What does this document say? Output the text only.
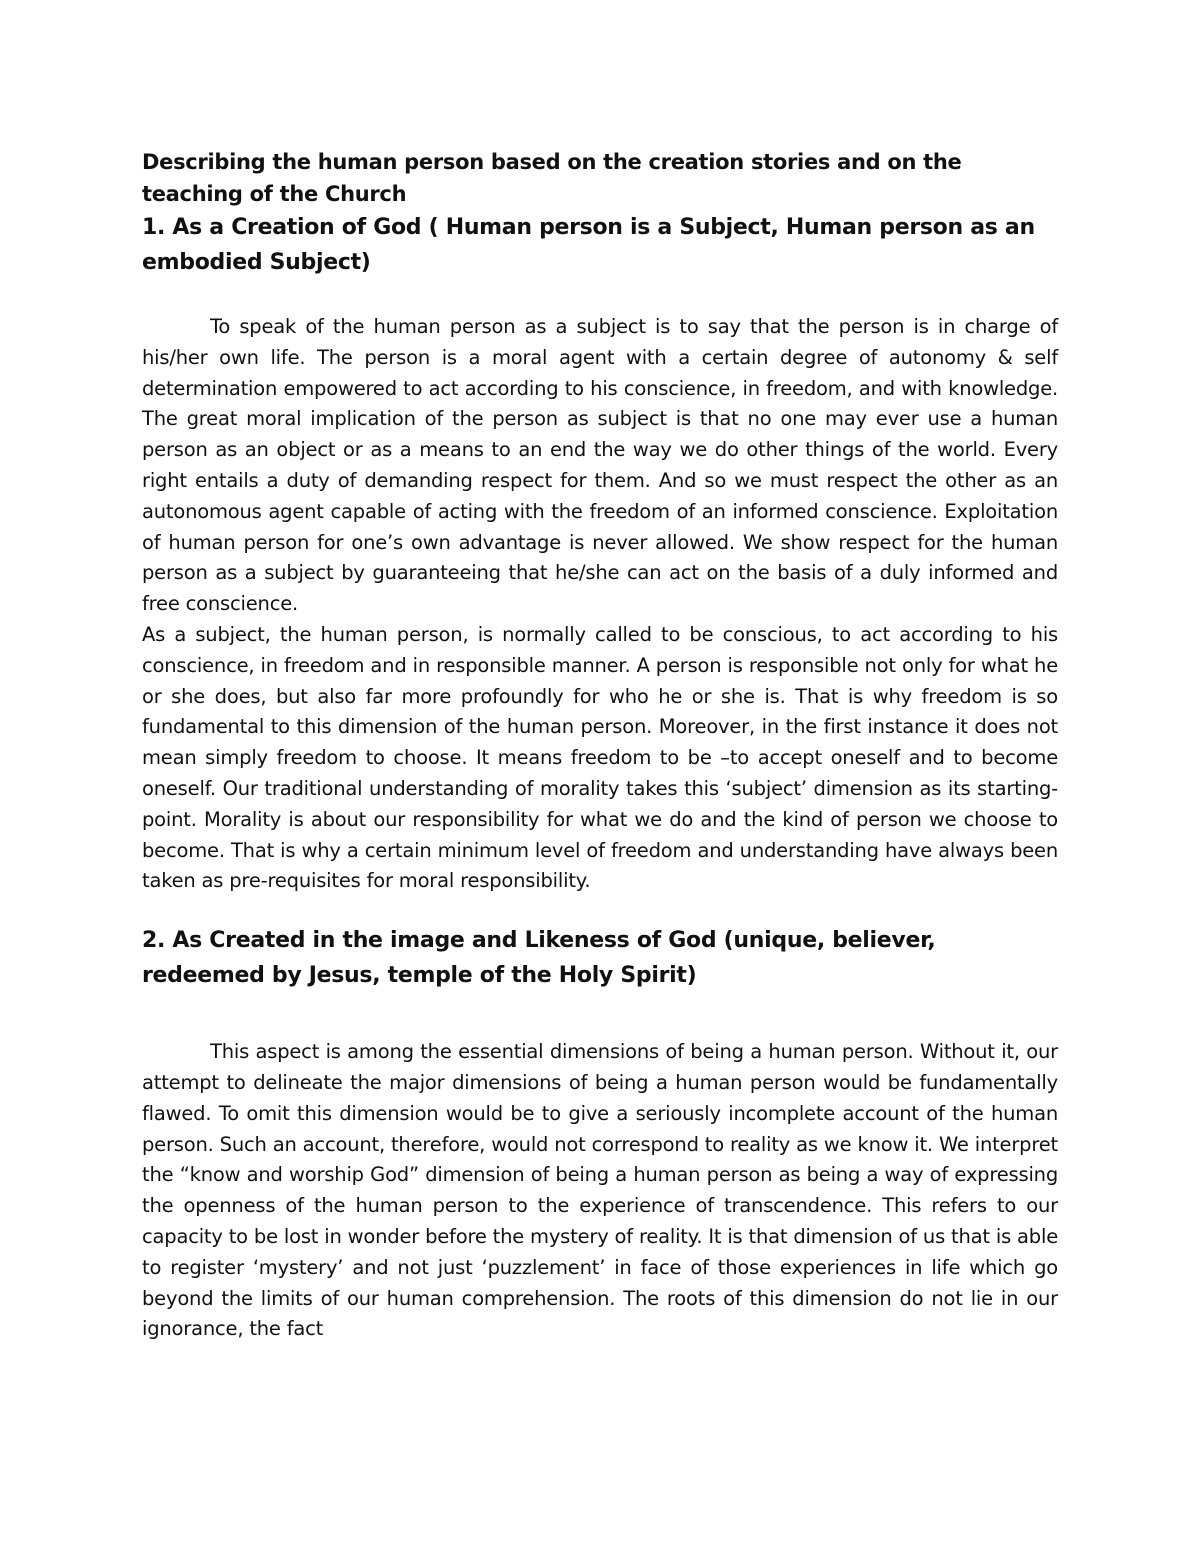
Describing the human person based on the creation stories and on the teaching of the Church
1. As a Creation of God ( Human person is a Subject, Human person as an embodied Subject)

To speak of the human person as a subject is to say that the person is in charge of his/her own life. The person is a moral agent with a certain degree of autonomy & self determination empowered to act according to his conscience, in freedom, and with knowledge. The great moral implication of the person as subject is that no one may ever use a human person as an object or as a means to an end the way we do other things of the world. Every right entails a duty of demanding respect for them. And so we must respect the other as an autonomous agent capable of acting with the freedom of an informed conscience. Exploitation of human person for one’s own advantage is never allowed. We show respect for the human person as a subject by guaranteeing that he/she can act on the basis of a duly informed and free conscience.

As a subject, the human person, is normally called to be conscious, to act according to his conscience, in freedom and in responsible manner. A person is responsible not only for what he or she does, but also far more profoundly for who he or she is. That is why freedom is so fundamental to this dimension of the human person. Moreover, in the first instance it does not mean simply freedom to choose. It means freedom to be –to accept oneself and to become oneself. Our traditional understanding of morality takes this ‘subject’ dimension as its starting-point. Morality is about our responsibility for what we do and the kind of person we choose to become. That is why a certain minimum level of freedom and understanding have always been taken as pre-requisites for moral responsibility.

2. As Created in the image and Likeness of God (unique, believer, redeemed by Jesus, temple of the Holy Spirit)

This aspect is among the essential dimensions of being a human person. Without it, our attempt to delineate the major dimensions of being a human person would be fundamentally flawed. To omit this dimension would be to give a seriously incomplete account of the human person. Such an account, therefore, would not correspond to reality as we know it. We interpret the “know and worship God” dimension of being a human person as being a way of expressing the openness of the human person to the experience of transcendence. This refers to our capacity to be lost in wonder before the mystery of reality. It is that dimension of us that is able to register ‘mystery’ and not just ‘puzzlement’ in face of those experiences in life which go beyond the limits of our human comprehension. The roots of this dimension do not lie in our ignorance, the fact
